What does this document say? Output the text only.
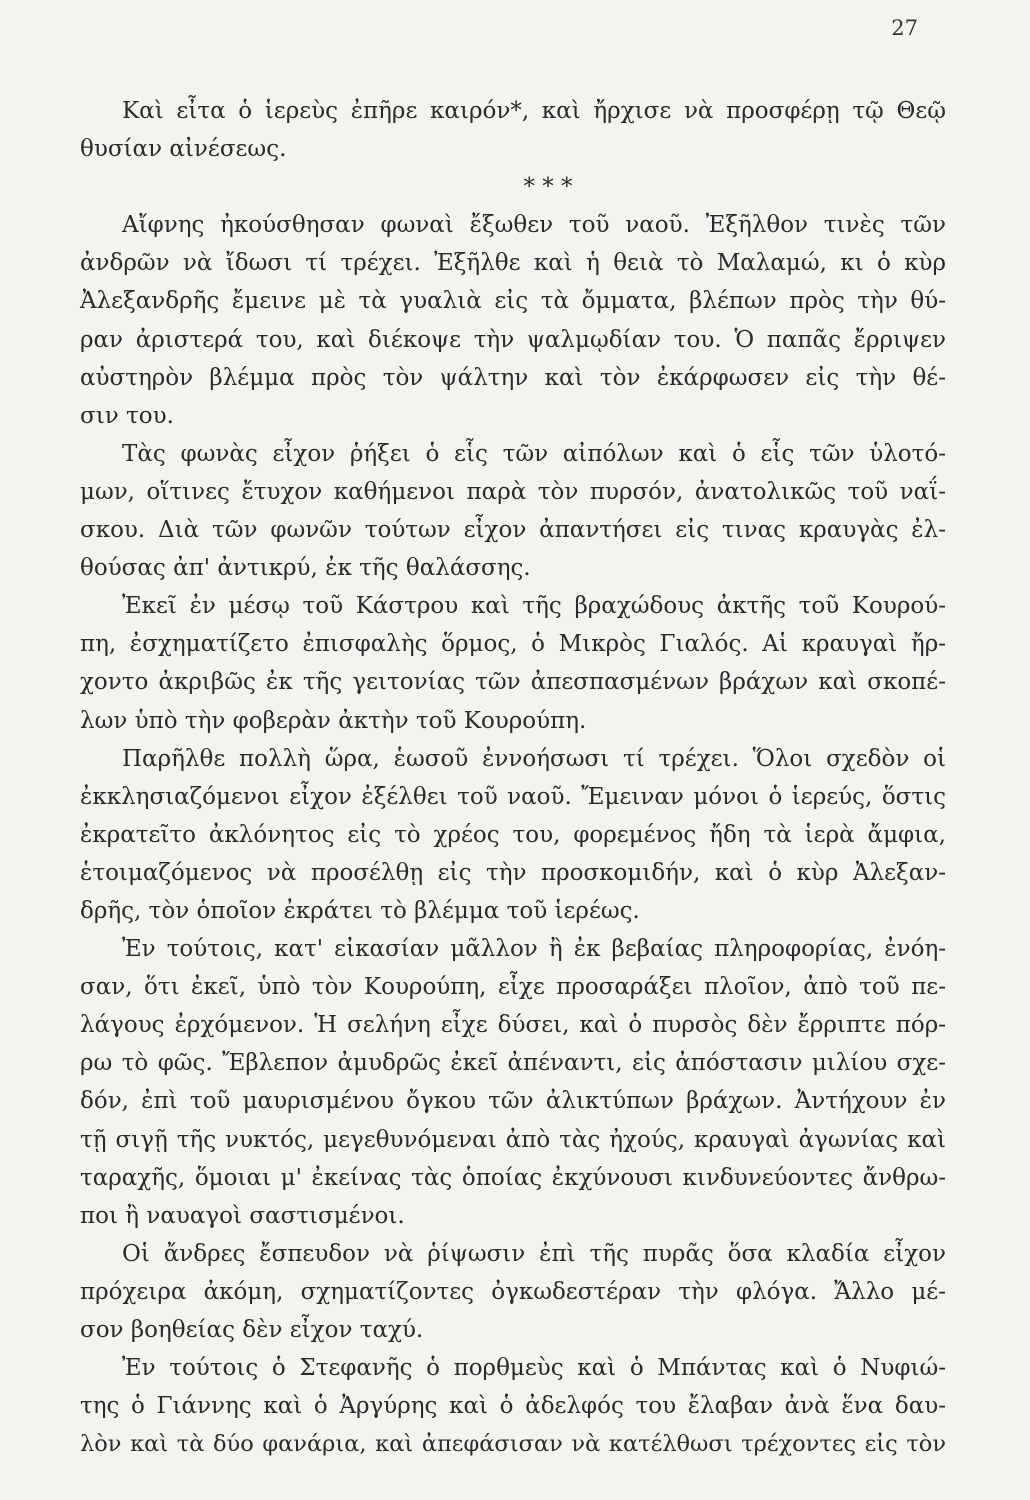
27
Καὶ εἶτα ὁ ἱερεὺς ἐπῆρε καιρόν*, καὶ ἤρχισε νὰ προσφέρῃ τῷ Θεῷ
θυσίαν αἰνέσεως.
* * *
Αἴφνης ἠκούσθησαν φωναὶ ἔξωθεν τοῦ ναοῦ. Ἐξῆλθον τινὲς τῶν
ἀνδρῶν νὰ ἴδωσι τί τρέχει. Ἐξῆλθε καὶ ἡ θειὰ τὸ Μαλαμώ, κι ὁ κὺρ
Ἀλεξανδρῆς ἔμεινε μὲ τὰ γυαλιὰ εἰς τὰ ὄμματα, βλέπων πρὸς τὴν θύ-
ραν ἀριστερά του, καὶ διέκοψε τὴν ψαλμῳδίαν του. Ὁ παπᾶς ἔρριψεν
αὐστηρὸν βλέμμα πρὸς τὸν ψάλτην καὶ τὸν ἐκάρφωσεν εἰς τὴν θέ-
σιν του.
Τὰς φωνὰς εἶχον ῥήξει ὁ εἷς τῶν αἰπόλων καὶ ὁ εἷς τῶν ὑλοτό-
μων, οἵτινες ἔτυχον καθήμενοι παρὰ τὸν πυρσόν, ἀνατολικῶς τοῦ ναΐ-
σκου. Διὰ τῶν φωνῶν τούτων εἶχον ἀπαντήσει εἰς τινας κραυγὰς ἐλ-
θούσας ἀπ' ἀντικρύ, ἐκ τῆς θαλάσσης.
Ἐκεῖ ἐν μέσῳ τοῦ Κάστρου καὶ τῆς βραχώδους ἀκτῆς τοῦ Κουρού-
πη, ἐσχηματίζετο ἐπισφαλὴς ὅρμος, ὁ Μικρὸς Γιαλός. Αἱ κραυγαὶ ἤρ-
χοντο ἀκριβῶς ἐκ τῆς γειτονίας τῶν ἀπεσπασμένων βράχων καὶ σκοπέ-
λων ὑπὸ τὴν φοβερὰν ἀκτὴν τοῦ Κουρούπη.
Παρῆλθε πολλὴ ὥρα, ἑωσοῦ ἐννοήσωσι τί τρέχει. Ὅλοι σχεδὸν οἱ
ἐκκλησιαζόμενοι εἶχον ἐξέλθει τοῦ ναοῦ. Ἔμειναν μόνοι ὁ ἱερεύς, ὅστις
ἐκρατεῖτο ἀκλόνητος εἰς τὸ χρέος του, φορεμένος ἤδη τὰ ἱερὰ ἄμφια,
ἑτοιμαζόμενος νὰ προσέλθῃ εἰς τὴν προσκομιδήν, καὶ ὁ κὺρ Ἀλεξαν-
δρῆς, τὸν ὁποῖον ἐκράτει τὸ βλέμμα τοῦ ἱερέως.
Ἐν τούτοις, κατ' εἰκασίαν μᾶλλον ἢ ἐκ βεβαίας πληροφορίας, ἐνόη-
σαν, ὅτι ἐκεῖ, ὑπὸ τὸν Κουρούπη, εἶχε προσαράξει πλοῖον, ἀπὸ τοῦ πε-
λάγους ἐρχόμενον. Ἡ σελήνη εἶχε δύσει, καὶ ὁ πυρσὸς δὲν ἔρριπτε πόρ-
ρω τὸ φῶς. Ἔβλεπον ἀμυδρῶς ἐκεῖ ἀπέναντι, εἰς ἀπόστασιν μιλίου σχε-
δόν, ἐπὶ τοῦ μαυρισμένου ὄγκου τῶν ἀλικτύπων βράχων. Ἀντήχουν ἐν
τῇ σιγῇ τῆς νυκτός, μεγεθυνόμεναι ἀπὸ τὰς ἠχούς, κραυγαὶ ἀγωνίας καὶ
ταραχῆς, ὅμοιαι μ' ἐκείνας τὰς ὁποίας ἐκχύνουσι κινδυνεύοντες ἄνθρω-
ποι ἢ ναυαγοὶ σαστισμένοι.
Οἱ ἄνδρες ἔσπευδον νὰ ῥίψωσιν ἐπὶ τῆς πυρᾶς ὅσα κλαδία εἶχον
πρόχειρα ἀκόμη, σχηματίζοντες ὀγκωδεστέραν τὴν φλόγα. Ἄλλο μέ-
σον βοηθείας δὲν εἶχον ταχύ.
Ἐν τούτοις ὁ Στεφανῆς ὁ πορθμεὺς καὶ ὁ Μπάντας καὶ ὁ Νυφιώ-
της ὁ Γιάννης καὶ ὁ Ἀργύρης καὶ ὁ ἀδελφός του ἔλαβαν ἀνὰ ἕνα δαυ-
λὸν καὶ τὰ δύο φανάρια, καὶ ἀπεφάσισαν νὰ κατέλθωσι τρέχοντες εἰς τὸν
